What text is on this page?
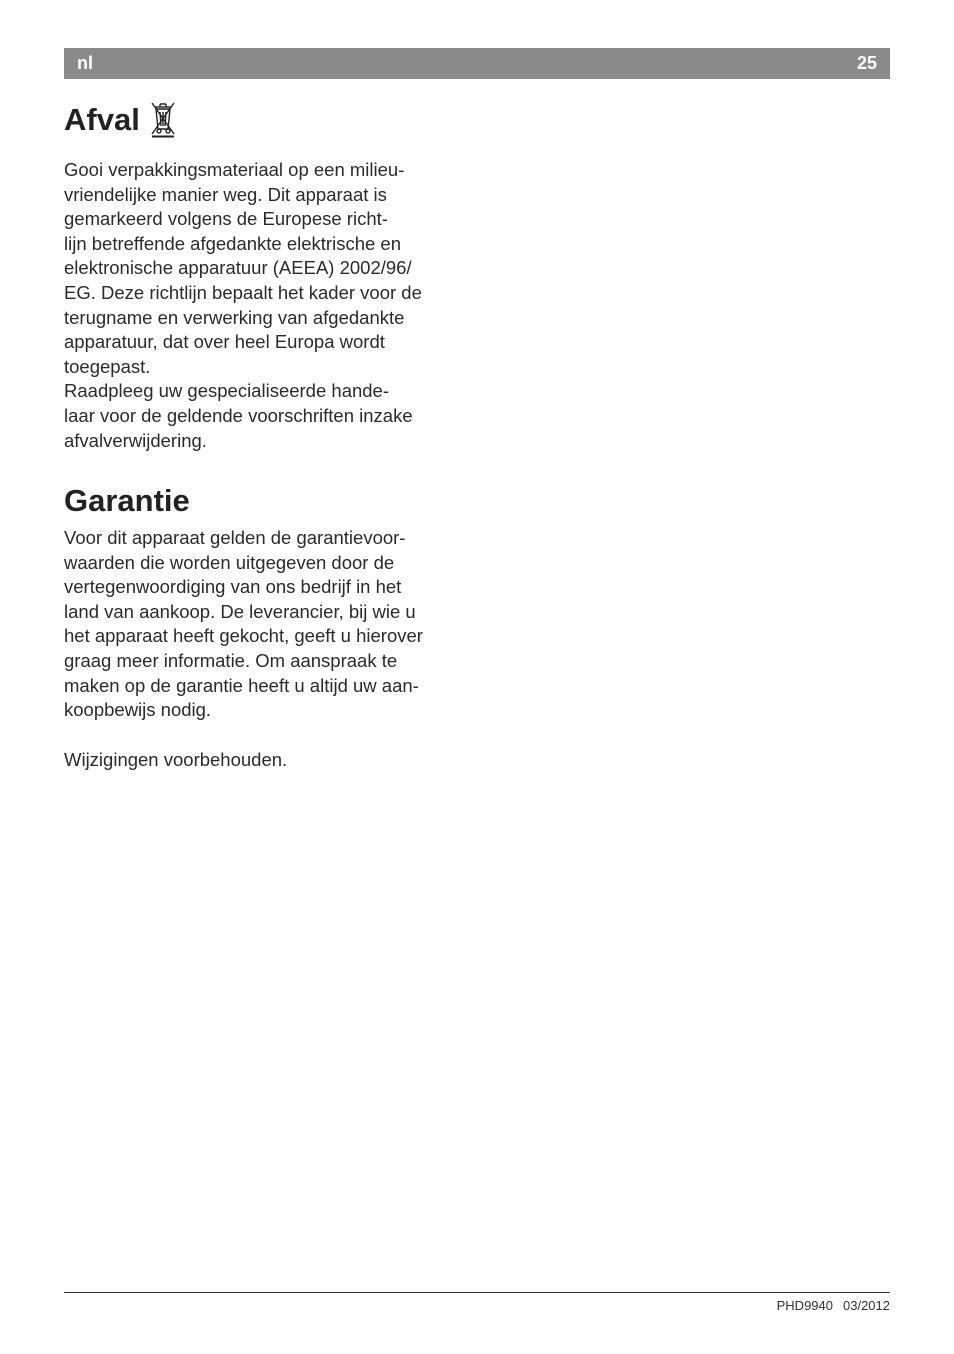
nl	25
Afval
Gooi verpakkingsmateriaal op een milieu-
vriendelijke manier weg. Dit apparaat is
gemarkeerd volgens de Europese richt-
lijn betreffende afgedankte elektrische en
elektronische apparatuur (AEEA) 2002/96/
EG. Deze richtlijn bepaalt het kader voor de
terugname en verwerking van afgedankte
apparatuur, dat over heel Europa wordt
toegepast.
Raadpleeg uw gespecialiseerde hande-
laar voor de geldende voorschriften inzake
afvalverwijdering.
Garantie
Voor dit apparaat gelden de garantievoor-
waarden die worden uitgegeven door de
vertegenwoordiging van ons bedrijf in het
land van aankoop. De leverancier, bij wie u
het apparaat heeft gekocht, geeft u hierover
graag meer informatie. Om aanspraak te
maken op de garantie heeft u altijd uw aan-
koopbewijs nodig.

Wijzigingen voorbehouden.

PHD9940 03/2012
